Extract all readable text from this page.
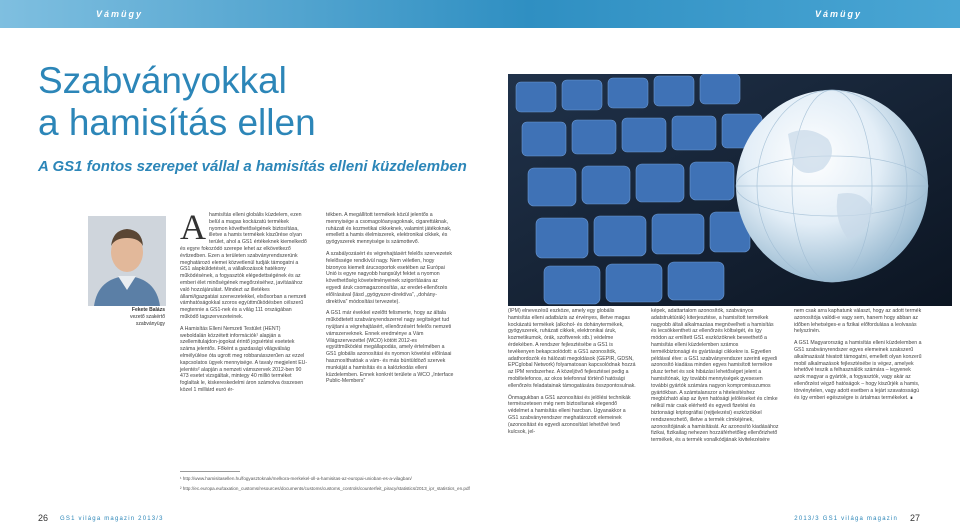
Vámügy	Vámügy
Szabványokkal
a hamisítás ellen
A GS1 fontos szerepet vállal a hamisítás elleni küzdelemben
Fekete Balázs
vezető szakértő
szabványügy

A hamisítás elleni globális küzdelem, ezen belül a magas kockázatú termékek nyomon követhetőségének biztosítása, illetve a hamis termékek kiszűrése olyan terület, ahol a GS1 értékeknek kiemelkedő és egyre fokozódó szerepe lehet az elkövetkező évtizedben. Ezen a területen szabványrendszerünk meghatározó elemei közvetlenül tudják támogatni a GS1 alapküldetését, a vállalkozások hatékony működésének, a fogyasztók elégedettségének és az emberi élet minőségének megőrzéséhez, javításához való hozzájárulást. Mindezt az illetékes állami/igazgatási szervezetekkel, elsősorban a nemzeti vámhatóságokkal szoros együttműködésben célszerű megtennie a GS1-nek és a világ 111 országában működő tagszervezeteinek.

A Hamisítás Elleni Nemzeti Testület (HENT) weboldalán közzétett információk¹ alapján a szellemitulajdon-jogokat érintő jogsértési esetetek száma jelentős. Főként a gazdasági világválság elmélyülése óta ugrott meg robbanásszerűen az ezzel kapcsolatos ügyek mennyisége. A tavaly megjelent EU-jelentés² alapján a nemzeti vámszervek 2012-ben 90 473 esetet vizsgáltak, mintegy 40 millió terméket foglaltak le, kiskereskedelmi áron számolva összesen közel 1 milliárd euró ér-

tékben. A megállított termékek közül jelentős a mennyisége a csomagolóanyagoknak, cigarettáknak, ruházati és kozmetikai cikkeknek, valamint játékoknak, emellett a hamis élelmiszerek, elektronikai cikkek, és gyógyszerek mennyisége is számottevő.

A szabályozásért és végrehajtásért felelős szervezetek felelőssége rendkívül nagy. Nem véletlen, hogy bizonyos kiemelt árucsoportok esetében az Európai Unió is egyre nagyobb hangsúlyt fektet a nyomon követhetőség követelményeinek szigorítására az egyedi áruk csomagazonosítás, az eredet-ellenőrzés előírásával (lásd „gyógyszer-direktíva”, „dohány-direktíva” módosítási tervezete).

A GS1 már évekkel ezelőtt felismerte, hogy az általa működtetett szabványrendszerrel nagy segítséget tud nyújtani a végrehajtásért, ellenőrzésért felelős nemzeti vámszerveknek. Ennek eredménye a Vám Világszervezettel (WCO) kötött 2012-es együttműködési megállapodás, amely értelmében a GS1 globális azonosítási és nyomon követési előírásai hasznosíthatóak a vám- és más büntüldöző szervek munkáját a hamisítás és a kalózkodás elleni küzdelemben. Ennek konkrét területe a WCO „Interface Public-Members”

(IPM) elnevezésű eszköze, amely egy globális hamisítás elleni adatbázis az érvényes, illetve magas kockázatú termékek (alkohol- és dohánytermékek, gyógyszerek, ruházati cikkek, elektronikai áruk, kozmetikumok, órák, szoftverek stb.) védelme érdekében. A rendszer fejlesztésébe a GS1 is tevékenyen bekapcsolódott: a GS1 azonosítók, adathordozók és hálózati megoldások (GEPIR, GDSN, EPCglobal Network) folyamatosan kapcsolódnak hozzá az IPM rendszerhez. A közeljövő fejlesztései pedig a mobiltelefonos, az okos telefonnal történő hatósági ellenőrzés feladatainak támogatására összpontosulnak.

Önmagukban a GS1 azonosítási és jelölési technikák természetesen még nem biztosítanak elegendő védelmet a hamisítás elleni harcban. Ugyanakkor a GS1 szabványrendszer meghatározott elemeinek (azonosítást és egyedi azonosítást lehetővé tevő kulcsok, jel-

képek, adattartalom azonosítók, szabványos adatstruktúrák) kiterjesztése, a hamisított termékek nagyobb általi alkalmazása megnövelheti a hamisítás és lecsökkentheti az ellenőrzés költségét, és így módon az említett GS1 eszközöknek beveethető a hamisítás elleni küzdelemben számos termékbiztonsági és gyártásági cikkekre is. Egyetlen példával élve: a GS1 szabványrendszer szerinti egyedi azonosító kiadása minden egyes hamisított termékre plusz terhet és sok hibázási lehetőséget jelent a hamisítónak, így további mennyiségek gyesesen további gyártók számára nagyon kompromisszumos gyártókban. A számtalanszor a hitelesítéshez megbízható alap az ilyen hatósági jelöléseket és címke nélkül már csak elérhető és egyedi fizetési és biztonsági kriptográfiai (rejtjelezési) eszközökkel rendszerezhető, illetve a termék címkéjének, azonosítójának a hamisítását. Az azonosító kiadásához fizikai, fizikailag nehezen hozzáférhetőleg ellenőrizhető termékek, és a termék vonalkódjának kivitelezésére

nem csak arra kaphatunk választ, hogy az adott termék azonosítója valódi-e vagy sem, hanem hogy abban az időben lehetséges-e a fizikai előfordulása a leolvasás helyszínén.

A GS1 Magyarország a hamisítás elleni küzdelemben a GS1 szabványrendszer egyes elemeinek szakszerű alkalmazását hivatott támogatni, emellett olyan konzerű mobil alkalmazások fejlesztésébe is végez, amelyek lehetővé teszik a felhasználók számára – legyenek azok magyar a gyártók, a fogyasztók, vagy akár az ellenőrzést végző hatóságok – hogy kiszűrjék a hamis, törvénytelen, vagy adott esetben a lejárt szavatosságú és így emberi egészségre is ártalmas termékeket. ∎

¹ http://www.hamisitasellen.hu/fogyasztoknak/melkora-merkekel-oll-a-hamisitas-az-europai-unioban-es-a-vilagban/
² http://ec.europa.eu/taxation_customs/resources/documents/customs/customs_controls/counterfeit_piracy/statistics/2013_ipr_statistics_en.pdf
26 GS1 világa magazin 2013/3	2013/3 GS1 világa magazin 27
